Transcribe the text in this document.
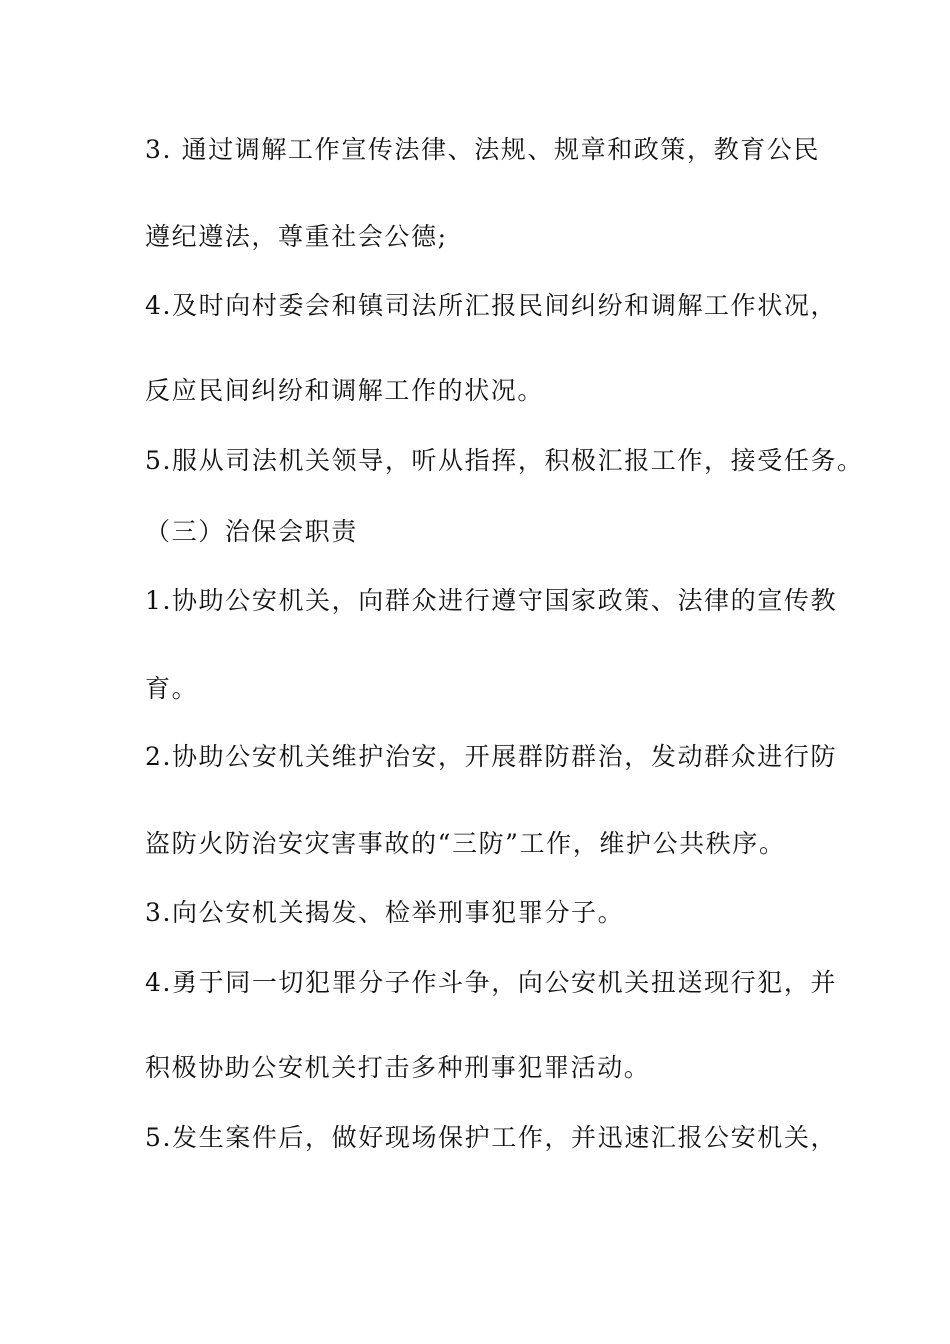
3. 通过调解工作宣传法律、法规、规章和政策，教育公民
遵纪遵法，尊重社会公德;
4.及时向村委会和镇司法所汇报民间纠纷和调解工作状况，
反应民间纠纷和调解工作的状况。
5.服从司法机关领导，听从指挥，积极汇报工作，接受任务。
（三）治保会职责
1.协助公安机关，向群众进行遵守国家政策、法律的宣传教
育。
2.协助公安机关维护治安，开展群防群治，发动群众进行防
盗防火防治安灾害事故的“三防”工作，维护公共秩序。
3.向公安机关揭发、检举刑事犯罪分子。
4.勇于同一切犯罪分子作斗争，向公安机关扭送现行犯，并
积极协助公安机关打击多种刑事犯罪活动。
5.发生案件后，做好现场保护工作，并迅速汇报公安机关，
